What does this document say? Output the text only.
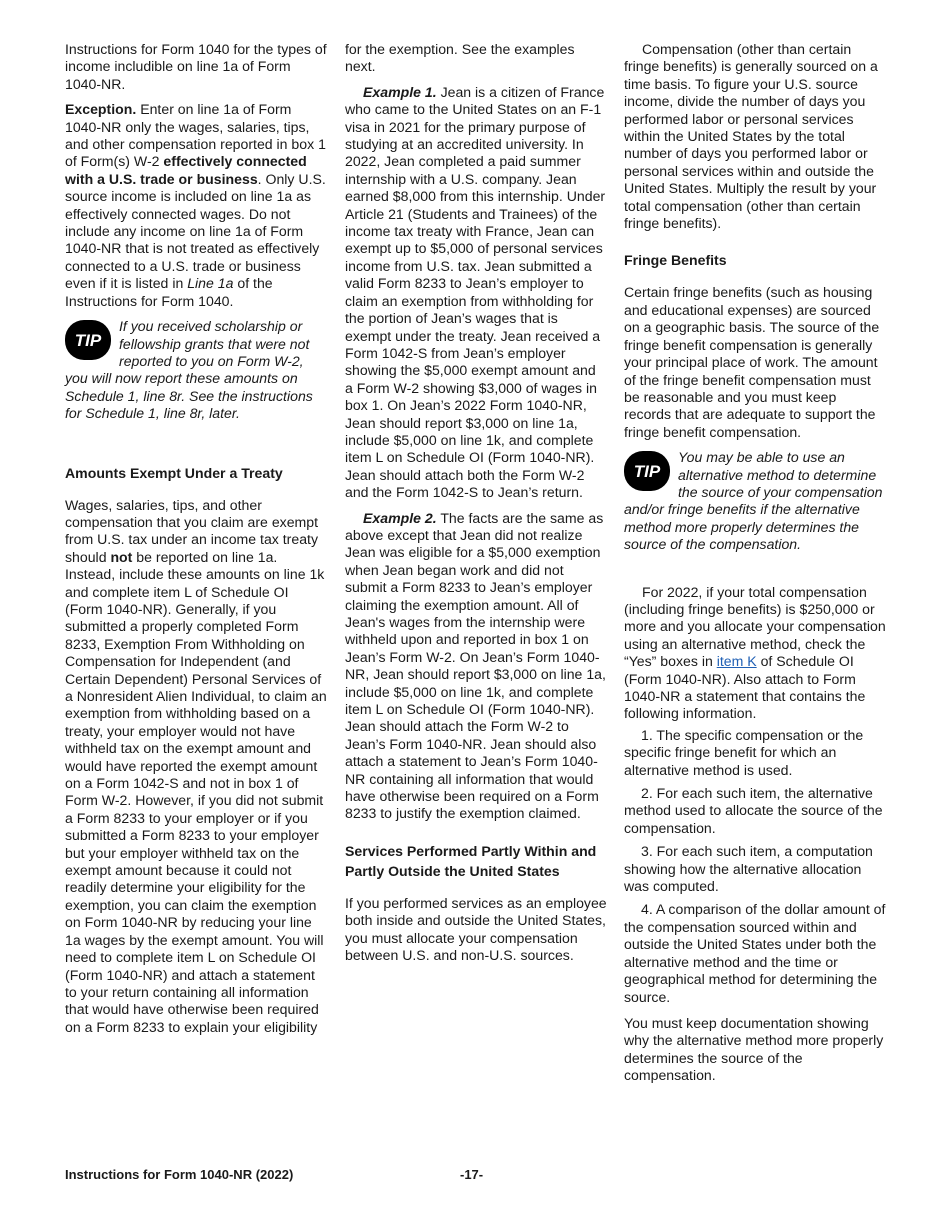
Instructions for Form 1040 for the types of income includible on line 1a of Form 1040-NR.

Exception. Enter on line 1a of Form 1040-NR only the wages, salaries, tips, and other compensation reported in box 1 of Form(s) W-2 effectively connected with a U.S. trade or business. Only U.S. source income is included on line 1a as effectively connected wages. Do not include any income on line 1a of Form 1040-NR that is not treated as effectively connected to a U.S. trade or business even if it is listed in Line 1a of the Instructions for Form 1040.

TIP
If you received scholarship or fellowship grants that were not reported to you on Form W-2, you will now report these amounts on Schedule 1, line 8r. See the instructions for Schedule 1, line 8r, later.
Amounts Exempt Under a Treaty

Wages, salaries, tips, and other compensation that you claim are exempt from U.S. tax under an income tax treaty should not be reported on line 1a. Instead, include these amounts on line 1k and complete item L of Schedule OI (Form 1040-NR). Generally, if you submitted a properly completed Form 8233, Exemption From Withholding on Compensation for Independent (and Certain Dependent) Personal Services of a Nonresident Alien Individual, to claim an exemption from withholding based on a treaty, your employer would not have withheld tax on the exempt amount and would have reported the exempt amount on a Form 1042-S and not in box 1 of Form W-2. However, if you did not submit a Form 8233 to your employer or if you submitted a Form 8233 to your employer but your employer withheld tax on the exempt amount because it could not readily determine your eligibility for the exemption, you can claim the exemption on Form 1040-NR by reducing your line 1a wages by the exempt amount. You will need to complete item L on Schedule OI (Form 1040-NR) and attach a statement to your return containing all information that would have otherwise been required on a Form 8233 to explain your eligibility

for the exemption. See the examples next.

Example 1. Jean is a citizen of France who came to the United States on an F-1 visa in 2021 for the primary purpose of studying at an accredited university. In 2022, Jean completed a paid summer internship with a U.S. company. Jean earned $8,000 from this internship. Under Article 21 (Students and Trainees) of the income tax treaty with France, Jean can exempt up to $5,000 of personal services income from U.S. tax. Jean submitted a valid Form 8233 to Jean’s employer to claim an exemption from withholding for the portion of Jean’s wages that is exempt under the treaty. Jean received a Form 1042-S from Jean’s employer showing the $5,000 exempt amount and a Form W-2 showing $3,000 of wages in box 1. On Jean’s 2022 Form 1040-NR, Jean should report $3,000 on line 1a, include $5,000 on line 1k, and complete item L on Schedule OI (Form 1040-NR). Jean should attach both the Form W-2 and the Form 1042-S to Jean’s return.

Example 2. The facts are the same as above except that Jean did not realize Jean was eligible for a $5,000 exemption when Jean began work and did not submit a Form 8233 to Jean’s employer claiming the exemption amount. All of Jean's wages from the internship were withheld upon and reported in box 1 on Jean’s Form W-2. On Jean’s Form 1040-NR, Jean should report $3,000 on line 1a, include $5,000 on line 1k, and complete item L on Schedule OI (Form 1040-NR). Jean should attach the Form W-2 to Jean’s Form 1040-NR. Jean should also attach a statement to Jean’s Form 1040-NR containing all information that would have otherwise been required on a Form 8233 to justify the exemption claimed.

Services Performed Partly Within and Partly Outside the United States

If you performed services as an employee both inside and outside the United States, you must allocate your compensation between U.S. and non-U.S. sources.

Compensation (other than certain fringe benefits) is generally sourced on a time basis. To figure your U.S. source income, divide the number of days you performed labor or personal services within the United States by the total number of days you performed labor or personal services within and outside the United States. Multiply the result by your total compensation (other than certain fringe benefits).

Fringe Benefits

Certain fringe benefits (such as housing and educational expenses) are sourced on a geographic basis. The source of the fringe benefit compensation is generally your principal place of work. The amount of the fringe benefit compensation must be reasonable and you must keep records that are adequate to support the fringe benefit compensation.

TIP
You may be able to use an alternative method to determine the source of your compensation and/or fringe benefits if the alternative method more properly determines the source of the compensation.

For 2022, if your total compensation (including fringe benefits) is $250,000 or more and you allocate your compensation using an alternative method, check the “Yes” boxes in item K of Schedule OI (Form 1040-NR). Also attach to Form 1040-NR a statement that contains the following information.

1. The specific compensation or the specific fringe benefit for which an alternative method is used.

2. For each such item, the alternative method used to allocate the source of the compensation.

3. For each such item, a computation showing how the alternative allocation was computed.

4. A comparison of the dollar amount of the compensation sourced within and outside the United States under both the alternative method and the time or geographical method for determining the source.

You must keep documentation showing why the alternative method more properly determines the source of the compensation.

Instructions for Form 1040-NR (2022)	-17-
